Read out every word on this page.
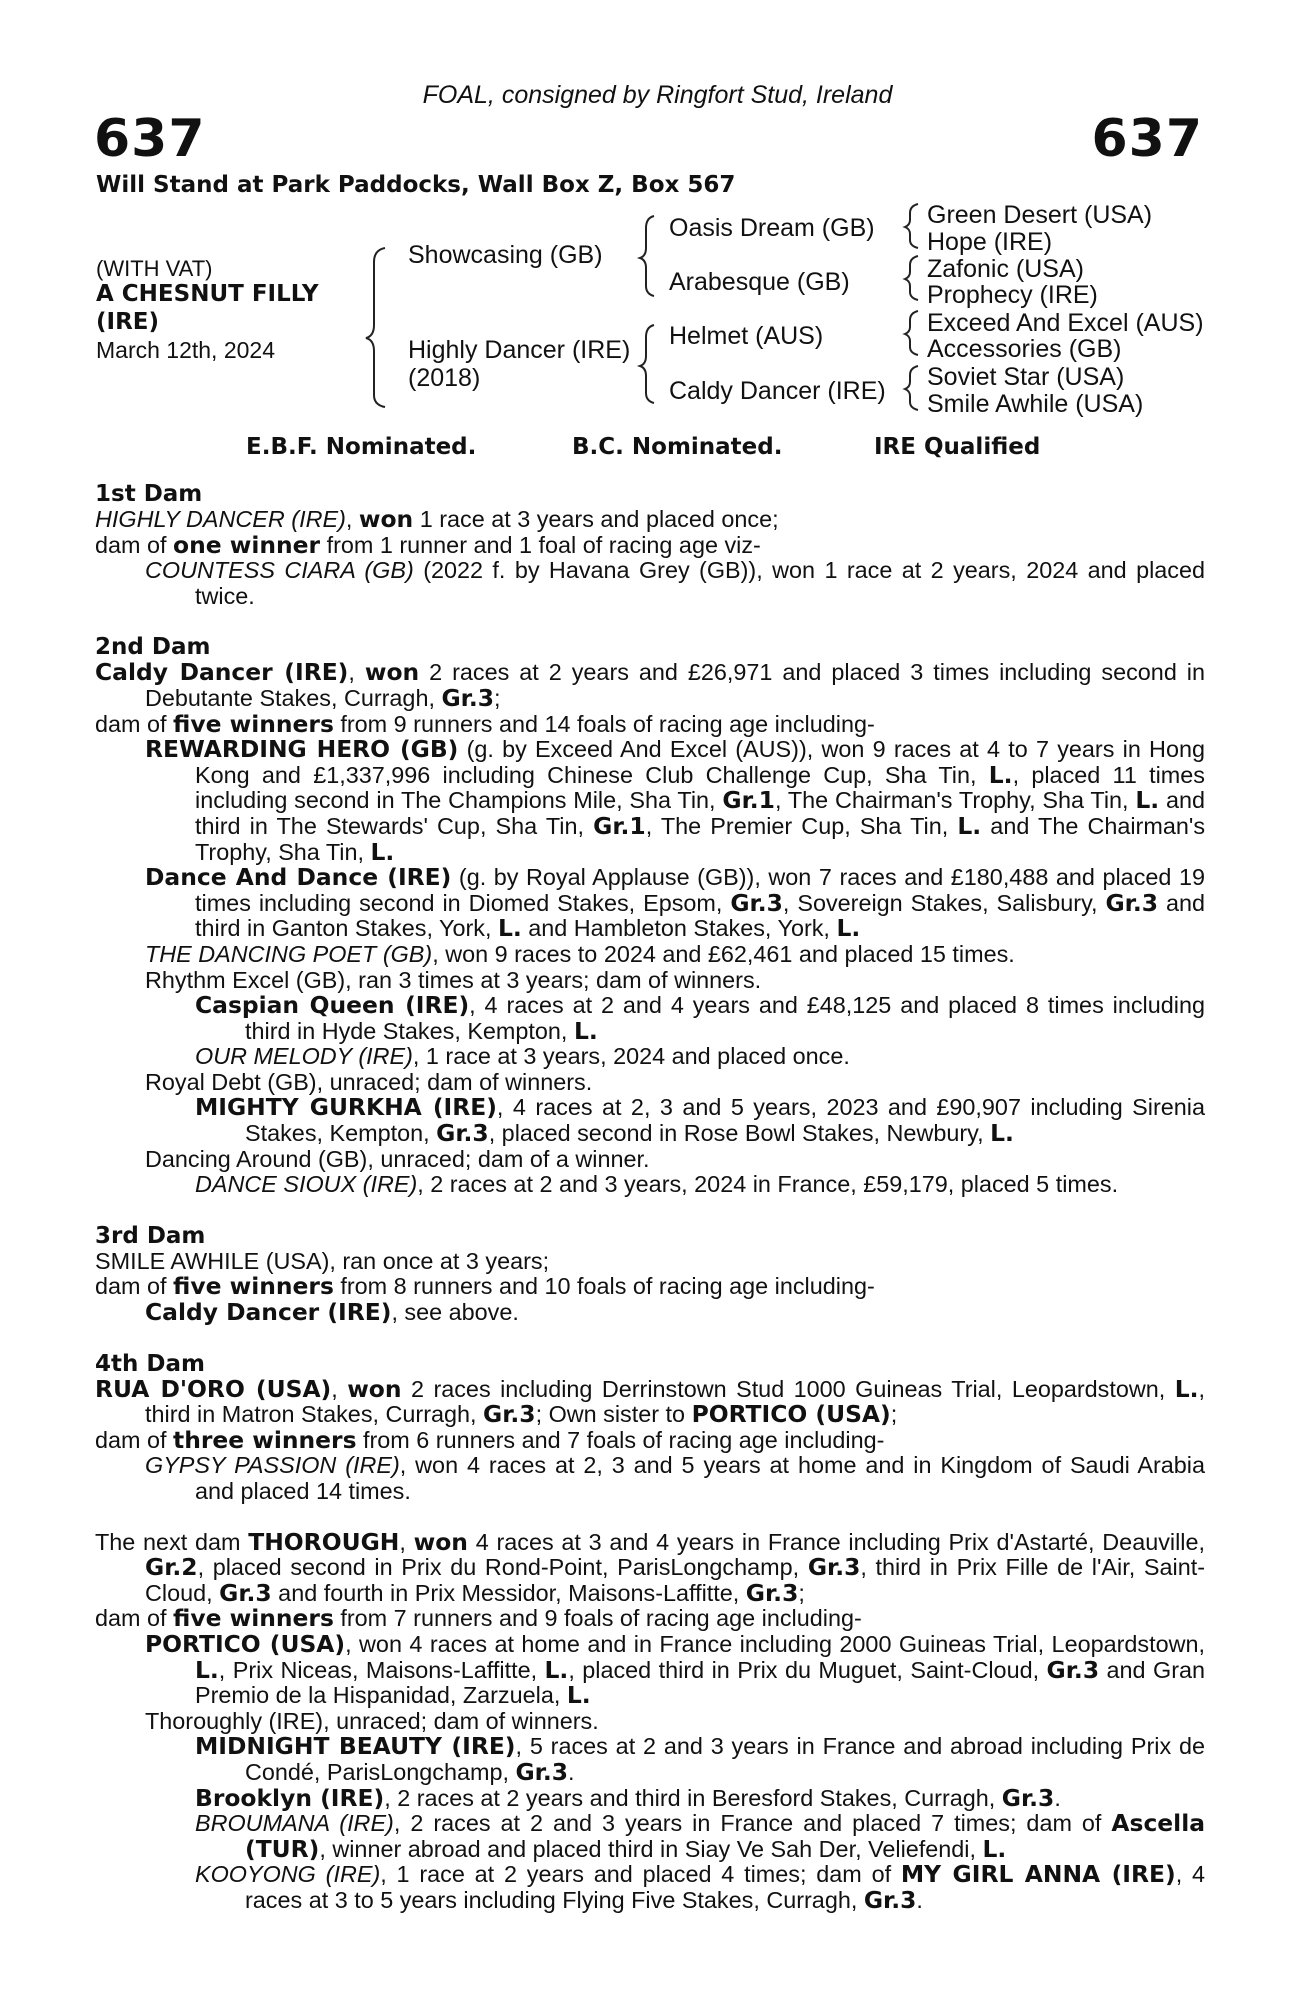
FOAL, consigned by Ringfort Stud, Ireland
637	637
Will Stand at Park Paddocks, Wall Box Z, Box 567
(WITH VAT)
A CHESNUT FILLY
(IRE)
March 12th, 2024
Showcasing (GB)
Highly Dancer (IRE)
(2018)
Oasis Dream (GB)
Arabesque (GB)
Helmet (AUS)
Caldy Dancer (IRE)
Green Desert (USA)
Hope (IRE)
Zafonic (USA)
Prophecy (IRE)
Exceed And Excel (AUS)
Accessories (GB)
Soviet Star (USA)
Smile Awhile (USA)
E.B.F. Nominated.	B.C. Nominated.	IRE Qualified
1st Dam
HIGHLY DANCER (IRE), won 1 race at 3 years and placed once;
dam of one winner from 1 runner and 1 foal of racing age viz-
COUNTESS CIARA (GB) (2022 f. by Havana Grey (GB)), won 1 race at 2 years, 2024 and placed twice.
2nd Dam
Caldy Dancer (IRE), won 2 races at 2 years and £26,971 and placed 3 times including second in Debutante Stakes, Curragh, Gr.3;
dam of five winners from 9 runners and 14 foals of racing age including-
REWARDING HERO (GB) (g. by Exceed And Excel (AUS)), won 9 races at 4 to 7 years in Hong Kong and £1,337,996 including Chinese Club Challenge Cup, Sha Tin, L., placed 11 times including second in The Champions Mile, Sha Tin, Gr.1, The Chairman's Trophy, Sha Tin, L. and third in The Stewards' Cup, Sha Tin, Gr.1, The Premier Cup, Sha Tin, L. and The Chairman's Trophy, Sha Tin, L.
Dance And Dance (IRE) (g. by Royal Applause (GB)), won 7 races and £180,488 and placed 19 times including second in Diomed Stakes, Epsom, Gr.3, Sovereign Stakes, Salisbury, Gr.3 and third in Ganton Stakes, York, L. and Hambleton Stakes, York, L.
THE DANCING POET (GB), won 9 races to 2024 and £62,461 and placed 15 times.
Rhythm Excel (GB), ran 3 times at 3 years; dam of winners.
Caspian Queen (IRE), 4 races at 2 and 4 years and £48,125 and placed 8 times including third in Hyde Stakes, Kempton, L.
OUR MELODY (IRE), 1 race at 3 years, 2024 and placed once.
Royal Debt (GB), unraced; dam of winners.
MIGHTY GURKHA (IRE), 4 races at 2, 3 and 5 years, 2023 and £90,907 including Sirenia Stakes, Kempton, Gr.3, placed second in Rose Bowl Stakes, Newbury, L.
Dancing Around (GB), unraced; dam of a winner.
DANCE SIOUX (IRE), 2 races at 2 and 3 years, 2024 in France, £59,179, placed 5 times.
3rd Dam
SMILE AWHILE (USA), ran once at 3 years;
dam of five winners from 8 runners and 10 foals of racing age including-
Caldy Dancer (IRE), see above.
4th Dam
RUA D'ORO (USA), won 2 races including Derrinstown Stud 1000 Guineas Trial, Leopardstown, L., third in Matron Stakes, Curragh, Gr.3; Own sister to PORTICO (USA);
dam of three winners from 6 runners and 7 foals of racing age including-
GYPSY PASSION (IRE), won 4 races at 2, 3 and 5 years at home and in Kingdom of Saudi Arabia and placed 14 times.
The next dam THOROUGH, won 4 races at 3 and 4 years in France including Prix d'Astarté, Deauville, Gr.2, placed second in Prix du Rond-Point, ParisLongchamp, Gr.3, third in Prix Fille de l'Air, Saint-Cloud, Gr.3 and fourth in Prix Messidor, Maisons-Laffitte, Gr.3;
dam of five winners from 7 runners and 9 foals of racing age including-
PORTICO (USA), won 4 races at home and in France including 2000 Guineas Trial, Leopardstown, L., Prix Niceas, Maisons-Laffitte, L., placed third in Prix du Muguet, Saint-Cloud, Gr.3 and Gran Premio de la Hispanidad, Zarzuela, L.
Thoroughly (IRE), unraced; dam of winners.
MIDNIGHT BEAUTY (IRE), 5 races at 2 and 3 years in France and abroad including Prix de Condé, ParisLongchamp, Gr.3.
Brooklyn (IRE), 2 races at 2 years and third in Beresford Stakes, Curragh, Gr.3.
BROUMANA (IRE), 2 races at 2 and 3 years in France and placed 7 times; dam of Ascella (TUR), winner abroad and placed third in Siay Ve Sah Der, Veliefendi, L.
KOOYONG (IRE), 1 race at 2 years and placed 4 times; dam of MY GIRL ANNA (IRE), 4 races at 3 to 5 years including Flying Five Stakes, Curragh, Gr.3.
